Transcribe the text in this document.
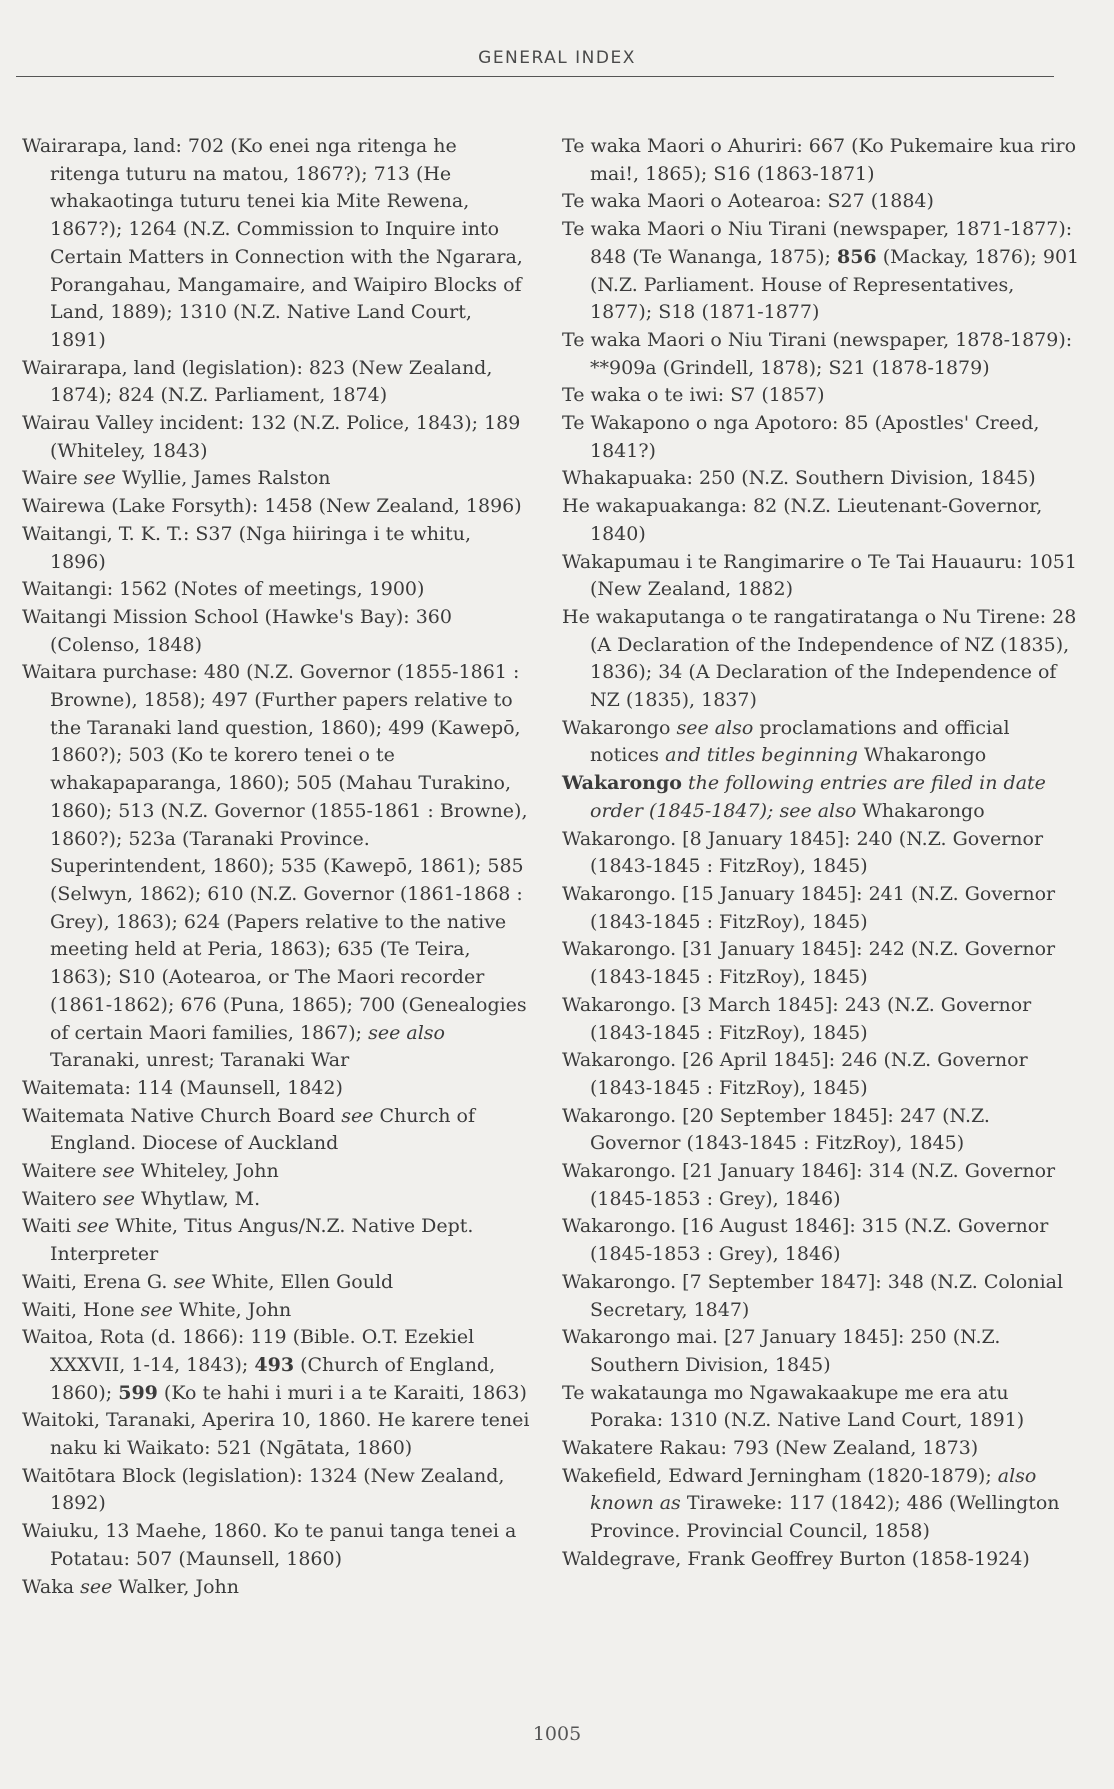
GENERAL INDEX

Wairarapa, land: 702 (Ko enei nga ritenga he ritenga tuturu na matou, 1867?); 713 (He whakaotinga tuturu tenei kia Mite Rewena, 1867?); 1264 (N.Z. Commission to Inquire into Certain Matters in Connection with the Ngarara, Porangahau, Mangamaire, and Waipiro Blocks of Land, 1889); 1310 (N.Z. Native Land Court, 1891)

Wairarapa, land (legislation): 823 (New Zealand, 1874); 824 (N.Z. Parliament, 1874)

Wairau Valley incident: 132 (N.Z. Police, 1843); 189 (Whiteley, 1843)

Waire see Wyllie, James Ralston

Wairewa (Lake Forsyth): 1458 (New Zealand, 1896)

Waitangi, T. K. T.: S37 (Nga hiiringa i te whitu, 1896)

Waitangi: 1562 (Notes of meetings, 1900)

Waitangi Mission School (Hawke's Bay): 360 (Colenso, 1848)

Waitara purchase: 480 (N.Z. Governor (1855-1861 : Browne), 1858); 497 (Further papers relative to the Taranaki land question, 1860); 499 (Kawepō, 1860?); 503 (Ko te korero tenei o te whakapaparanga, 1860); 505 (Mahau Turakino, 1860); 513 (N.Z. Governor (1855-1861 : Browne), 1860?); 523a (Taranaki Province. Superintendent, 1860); 535 (Kawepō, 1861); 585 (Selwyn, 1862); 610 (N.Z. Governor (1861-1868 : Grey), 1863); 624 (Papers relative to the native meeting held at Peria, 1863); 635 (Te Teira, 1863); S10 (Aotearoa, or The Maori recorder (1861-1862); 676 (Puna, 1865); 700 (Genealogies of certain Maori families, 1867); see also Taranaki, unrest; Taranaki War

Waitemata: 114 (Maunsell, 1842)

Waitemata Native Church Board see Church of England. Diocese of Auckland

Waitere see Whiteley, John

Waitero see Whytlaw, M.

Waiti see White, Titus Angus/N.Z. Native Dept. Interpreter

Waiti, Erena G. see White, Ellen Gould

Waiti, Hone see White, John

Waitoa, Rota (d. 1866): 119 (Bible. O.T. Ezekiel XXXVII, 1-14, 1843); 493 (Church of England, 1860); 599 (Ko te hahi i muri i a te Karaiti, 1863)

Waitoki, Taranaki, Aperira 10, 1860. He karere tenei naku ki Waikato: 521 (Ngātata, 1860)

Waitōtara Block (legislation): 1324 (New Zealand, 1892)

Waiuku, 13 Maehe, 1860. Ko te panui tanga tenei a Potatau: 507 (Maunsell, 1860)

Waka see Walker, John

Te waka Maori o Ahuriri: 667 (Ko Pukemaire kua riro mai!, 1865); S16 (1863-1871)

Te waka Maori o Aotearoa: S27 (1884)

Te waka Maori o Niu Tirani (newspaper, 1871-1877): 848 (Te Wananga, 1875); 856 (Mackay, 1876); 901 (N.Z. Parliament. House of Representatives, 1877); S18 (1871-1877)

Te waka Maori o Niu Tirani (newspaper, 1878-1879): **909a (Grindell, 1878); S21 (1878-1879)

Te waka o te iwi: S7 (1857)

Te Wakapono o nga Apotoro: 85 (Apostles' Creed, 1841?)

Whakapuaka: 250 (N.Z. Southern Division, 1845)

He wakapuakanga: 82 (N.Z. Lieutenant-Governor, 1840)

Wakapumau i te Rangimarire o Te Tai Hauauru: 1051 (New Zealand, 1882)

He wakaputanga o te rangatiratanga o Nu Tirene: 28 (A Declaration of the Independence of NZ (1835), 1836); 34 (A Declaration of the Independence of NZ (1835), 1837)

Wakarongo see also proclamations and official notices and titles beginning Whakarongo

Wakarongo the following entries are filed in date order (1845-1847); see also Whakarongo

Wakarongo. [8 January 1845]: 240 (N.Z. Governor (1843-1845 : FitzRoy), 1845)

Wakarongo. [15 January 1845]: 241 (N.Z. Governor (1843-1845 : FitzRoy), 1845)

Wakarongo. [31 January 1845]: 242 (N.Z. Governor (1843-1845 : FitzRoy), 1845)

Wakarongo. [3 March 1845]: 243 (N.Z. Governor (1843-1845 : FitzRoy), 1845)

Wakarongo. [26 April 1845]: 246 (N.Z. Governor (1843-1845 : FitzRoy), 1845)

Wakarongo. [20 September 1845]: 247 (N.Z. Governor (1843-1845 : FitzRoy), 1845)

Wakarongo. [21 January 1846]: 314 (N.Z. Governor (1845-1853 : Grey), 1846)

Wakarongo. [16 August 1846]: 315 (N.Z. Governor (1845-1853 : Grey), 1846)

Wakarongo. [7 September 1847]: 348 (N.Z. Colonial Secretary, 1847)

Wakarongo mai. [27 January 1845]: 250 (N.Z. Southern Division, 1845)

Te wakataunga mo Ngawakaakupe me era atu Poraka: 1310 (N.Z. Native Land Court, 1891)

Wakatere Rakau: 793 (New Zealand, 1873)

Wakefield, Edward Jerningham (1820-1879); also known as Tiraweke: 117 (1842); 486 (Wellington Province. Provincial Council, 1858)

Waldegrave, Frank Geoffrey Burton (1858-1924)

1005
